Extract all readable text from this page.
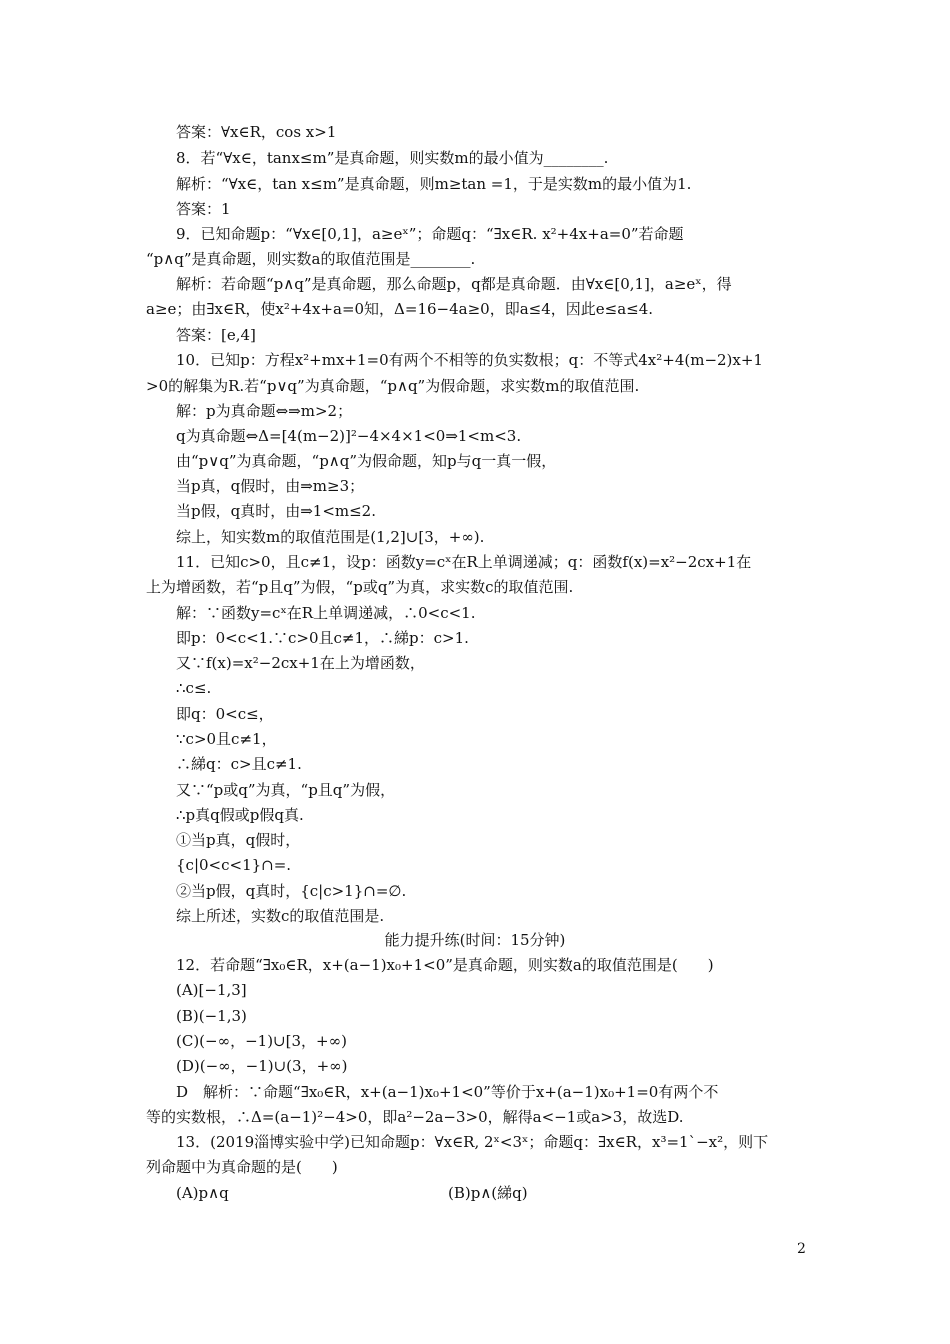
答案：∀x∈R，cos x>1
8．若“∀x∈，tanx≤m”是真命题，则实数m的最小值为________.
解析：“∀x∈，tan x≤m”是真命题，则m≥tan =1，于是实数m的最小值为1.
答案：1
9．已知命题p：“∀x∈[0,1]，a≥eˣ”；命题q：“∃x∈R. x²+4x+a=0”若命题
“p∧q”是真命题，则实数a的取值范围是________.
解析：若命题“p∧q”是真命题，那么命题p，q都是真命题．由∀x∈[0,1]，a≥eˣ，得
a≥e；由∃x∈R，使x²+4x+a=0知，Δ=16−4a≥0，即a≤4，因此e≤a≤4.
答案：[e,4]
10．已知p：方程x²+mx+1=0有两个不相等的负实数根；q：不等式4x²+4(m−2)x+1
>0的解集为R.若“p∨q”为真命题，“p∧q”为假命题，求实数m的取值范围.
解：p为真命题⇔⇒m>2；
q为真命题⇔Δ=[4(m−2)]²−4×4×1<0⇒1<m<3.
由“p∨q”为真命题，“p∧q”为假命题，知p与q一真一假，
当p真，q假时，由⇒m≥3；
当p假，q真时，由⇒1<m≤2.
综上，知实数m的取值范围是(1,2]∪[3，+∞).
11．已知c>0，且c≠1，设p：函数y=cˣ在R上单调递减；q：函数f(x)=x²−2cx+1在
上为增函数，若“p且q”为假，“p或q”为真，求实数c的取值范围.
解：∵函数y=cˣ在R上单调递减，∴0<c<1.
即p：0<c<1.∵c>0且c≠1，∴綈p：c>1.
又∵f(x)=x²−2cx+1在上为增函数，
∴c≤.
即q：0<c≤，
∵c>0且c≠1，
∴綈q：c>且c≠1.
又∵“p或q”为真，“p且q”为假，
∴p真q假或p假q真.
①当p真，q假时，
{c|0<c<1}∩=.
②当p假，q真时，{c|c>1}∩=∅.
综上所述，实数c的取值范围是.
能力提升练(时间：15分钟)
12．若命题“∃x₀∈R，x+(a−1)x₀+1<0”是真命题，则实数a的取值范围是(　　)
(A)[−1,3]
(B)(−1,3)
(C)(−∞，−1)∪[3，+∞)
(D)(−∞，−1)∪(3，+∞)
D　解析：∵命题“∃x₀∈R，x+(a−1)x₀+1<0”等价于x+(a−1)x₀+1=0有两个不
等的实数根，∴Δ=(a−1)²−4>0，即a²−2a−3>0，解得a<−1或a>3，故选D.
13．(2019淄博实验中学)已知命题p：∀x∈R, 2ˣ<3ˣ；命题q：∃x∈R，x³=1`−x²，则下
列命题中为真命题的是(　　)
(A)p∧q	(B)p∧(綈q)
2
